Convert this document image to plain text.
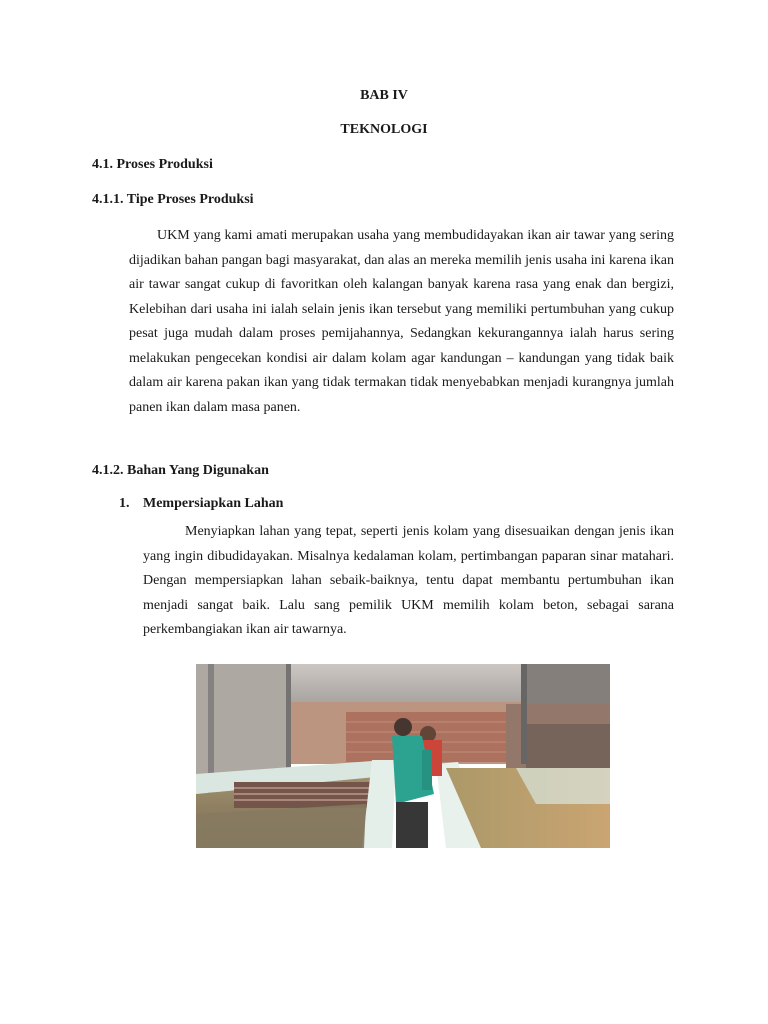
BAB IV
TEKNOLOGI
4.1. Proses Produksi
4.1.1. Tipe Proses Produksi

UKM yang kami amati merupakan usaha yang membudidayakan ikan air tawar yang sering dijadikan bahan pangan bagi masyarakat, dan alas an mereka memilih jenis usaha ini karena ikan air tawar sangat cukup di favoritkan oleh kalangan banyak karena rasa yang enak dan bergizi, Kelebihan dari usaha ini ialah selain jenis ikan tersebut yang memiliki pertumbuhan yang cukup pesat juga mudah dalam proses pemijahannya, Sedangkan kekurangannya ialah harus sering melakukan pengecekan kondisi air dalam kolam agar kandungan – kandungan yang tidak baik dalam air karena pakan ikan yang tidak termakan tidak menyebabkan menjadi kurangnya jumlah panen ikan dalam masa panen.

4.1.2. Bahan Yang Digunakan
1. Mempersiapkan Lahan

Menyiapkan lahan yang tepat, seperti jenis kolam yang disesuaikan dengan jenis ikan yang ingin dibudidayakan. Misalnya kedalaman kolam, pertimbangan paparan sinar matahari. Dengan mempersiapkan lahan sebaik-baiknya, tentu dapat membantu pertumbuhan ikan menjadi sangat baik. Lalu sang pemilik UKM memilih kolam beton, sebagai sarana perkembangiakan ikan air tawarnya.
